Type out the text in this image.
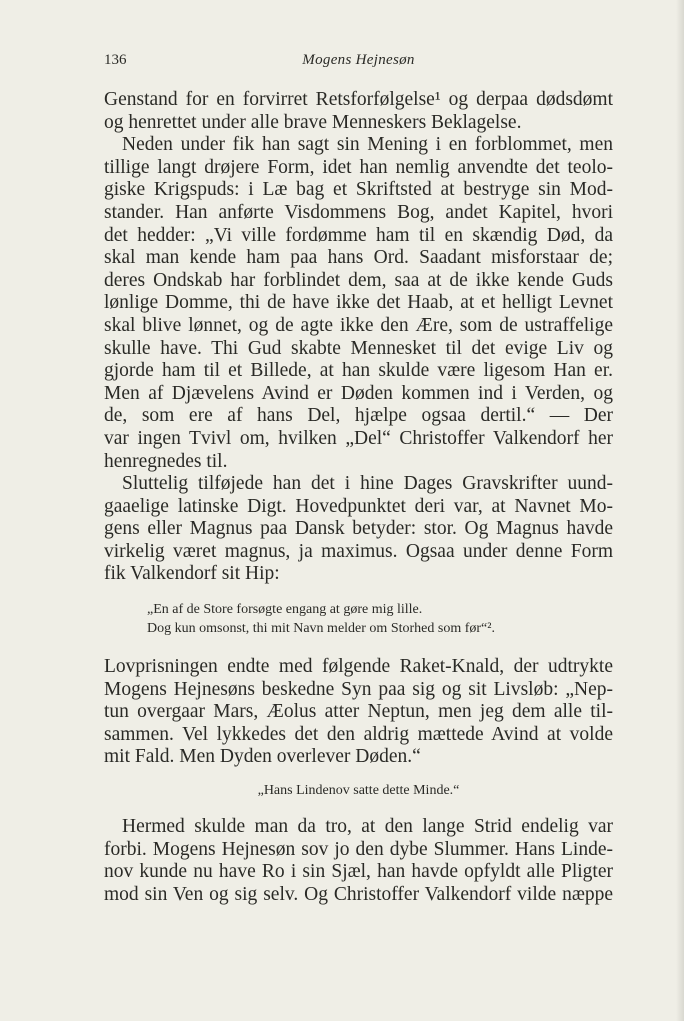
136	Mogens Hejnesøn
Genstand for en forvirret Retsforfølgelse¹ og derpaa dødsdømt
og henrettet under alle brave Menneskers Beklagelse.
Neden under fik han sagt sin Mening i en forblommet, men
tillige langt drøjere Form, idet han nemlig anvendte det teolo-
giske Krigspuds: i Læ bag et Skriftsted at bestryge sin Mod-
stander. Han anførte Visdommens Bog, andet Kapitel, hvori
det hedder: „Vi ville fordømme ham til en skændig Død, da
skal man kende ham paa hans Ord. Saadant misforstaar de;
deres Ondskab har forblindet dem, saa at de ikke kende Guds
lønlige Domme, thi de have ikke det Haab, at et helligt Levnet
skal blive lønnet, og de agte ikke den Ære, som de ustraffelige
skulle have. Thi Gud skabte Mennesket til det evige Liv og
gjorde ham til et Billede, at han skulde være ligesom Han er.
Men af Djævelens Avind er Døden kommen ind i Verden, og
de, som ere af hans Del, hjælpe ogsaa dertil.“ — Der
var ingen Tvivl om, hvilken „Del“ Christoffer Valkendorf her
henregnedes til.
Sluttelig tilføjede han det i hine Dages Gravskrifter uund-
gaaelige latinske Digt. Hovedpunktet deri var, at Navnet Mo-
gens eller Magnus paa Dansk betyder: stor. Og Magnus havde
virkelig været magnus, ja maximus. Ogsaa under denne Form
fik Valkendorf sit Hip:
„En af de Store forsøgte engang at gøre mig lille.
Dog kun omsonst, thi mit Navn melder om Storhed som før“².
Lovprisningen endte med følgende Raket-Knald, der udtrykte
Mogens Hejnesøns beskedne Syn paa sig og sit Livsløb: „Nep-
tun overgaar Mars, Æolus atter Neptun, men jeg dem alle til-
sammen. Vel lykkedes det den aldrig mættede Avind at volde
mit Fald. Men Dyden overlever Døden.“
„Hans Lindenov satte dette Minde.“
Hermed skulde man da tro, at den lange Strid endelig var
forbi. Mogens Hejnesøn sov jo den dybe Slummer. Hans Linde-
nov kunde nu have Ro i sin Sjæl, han havde opfyldt alle Pligter
mod sin Ven og sig selv. Og Christoffer Valkendorf vilde næppe
